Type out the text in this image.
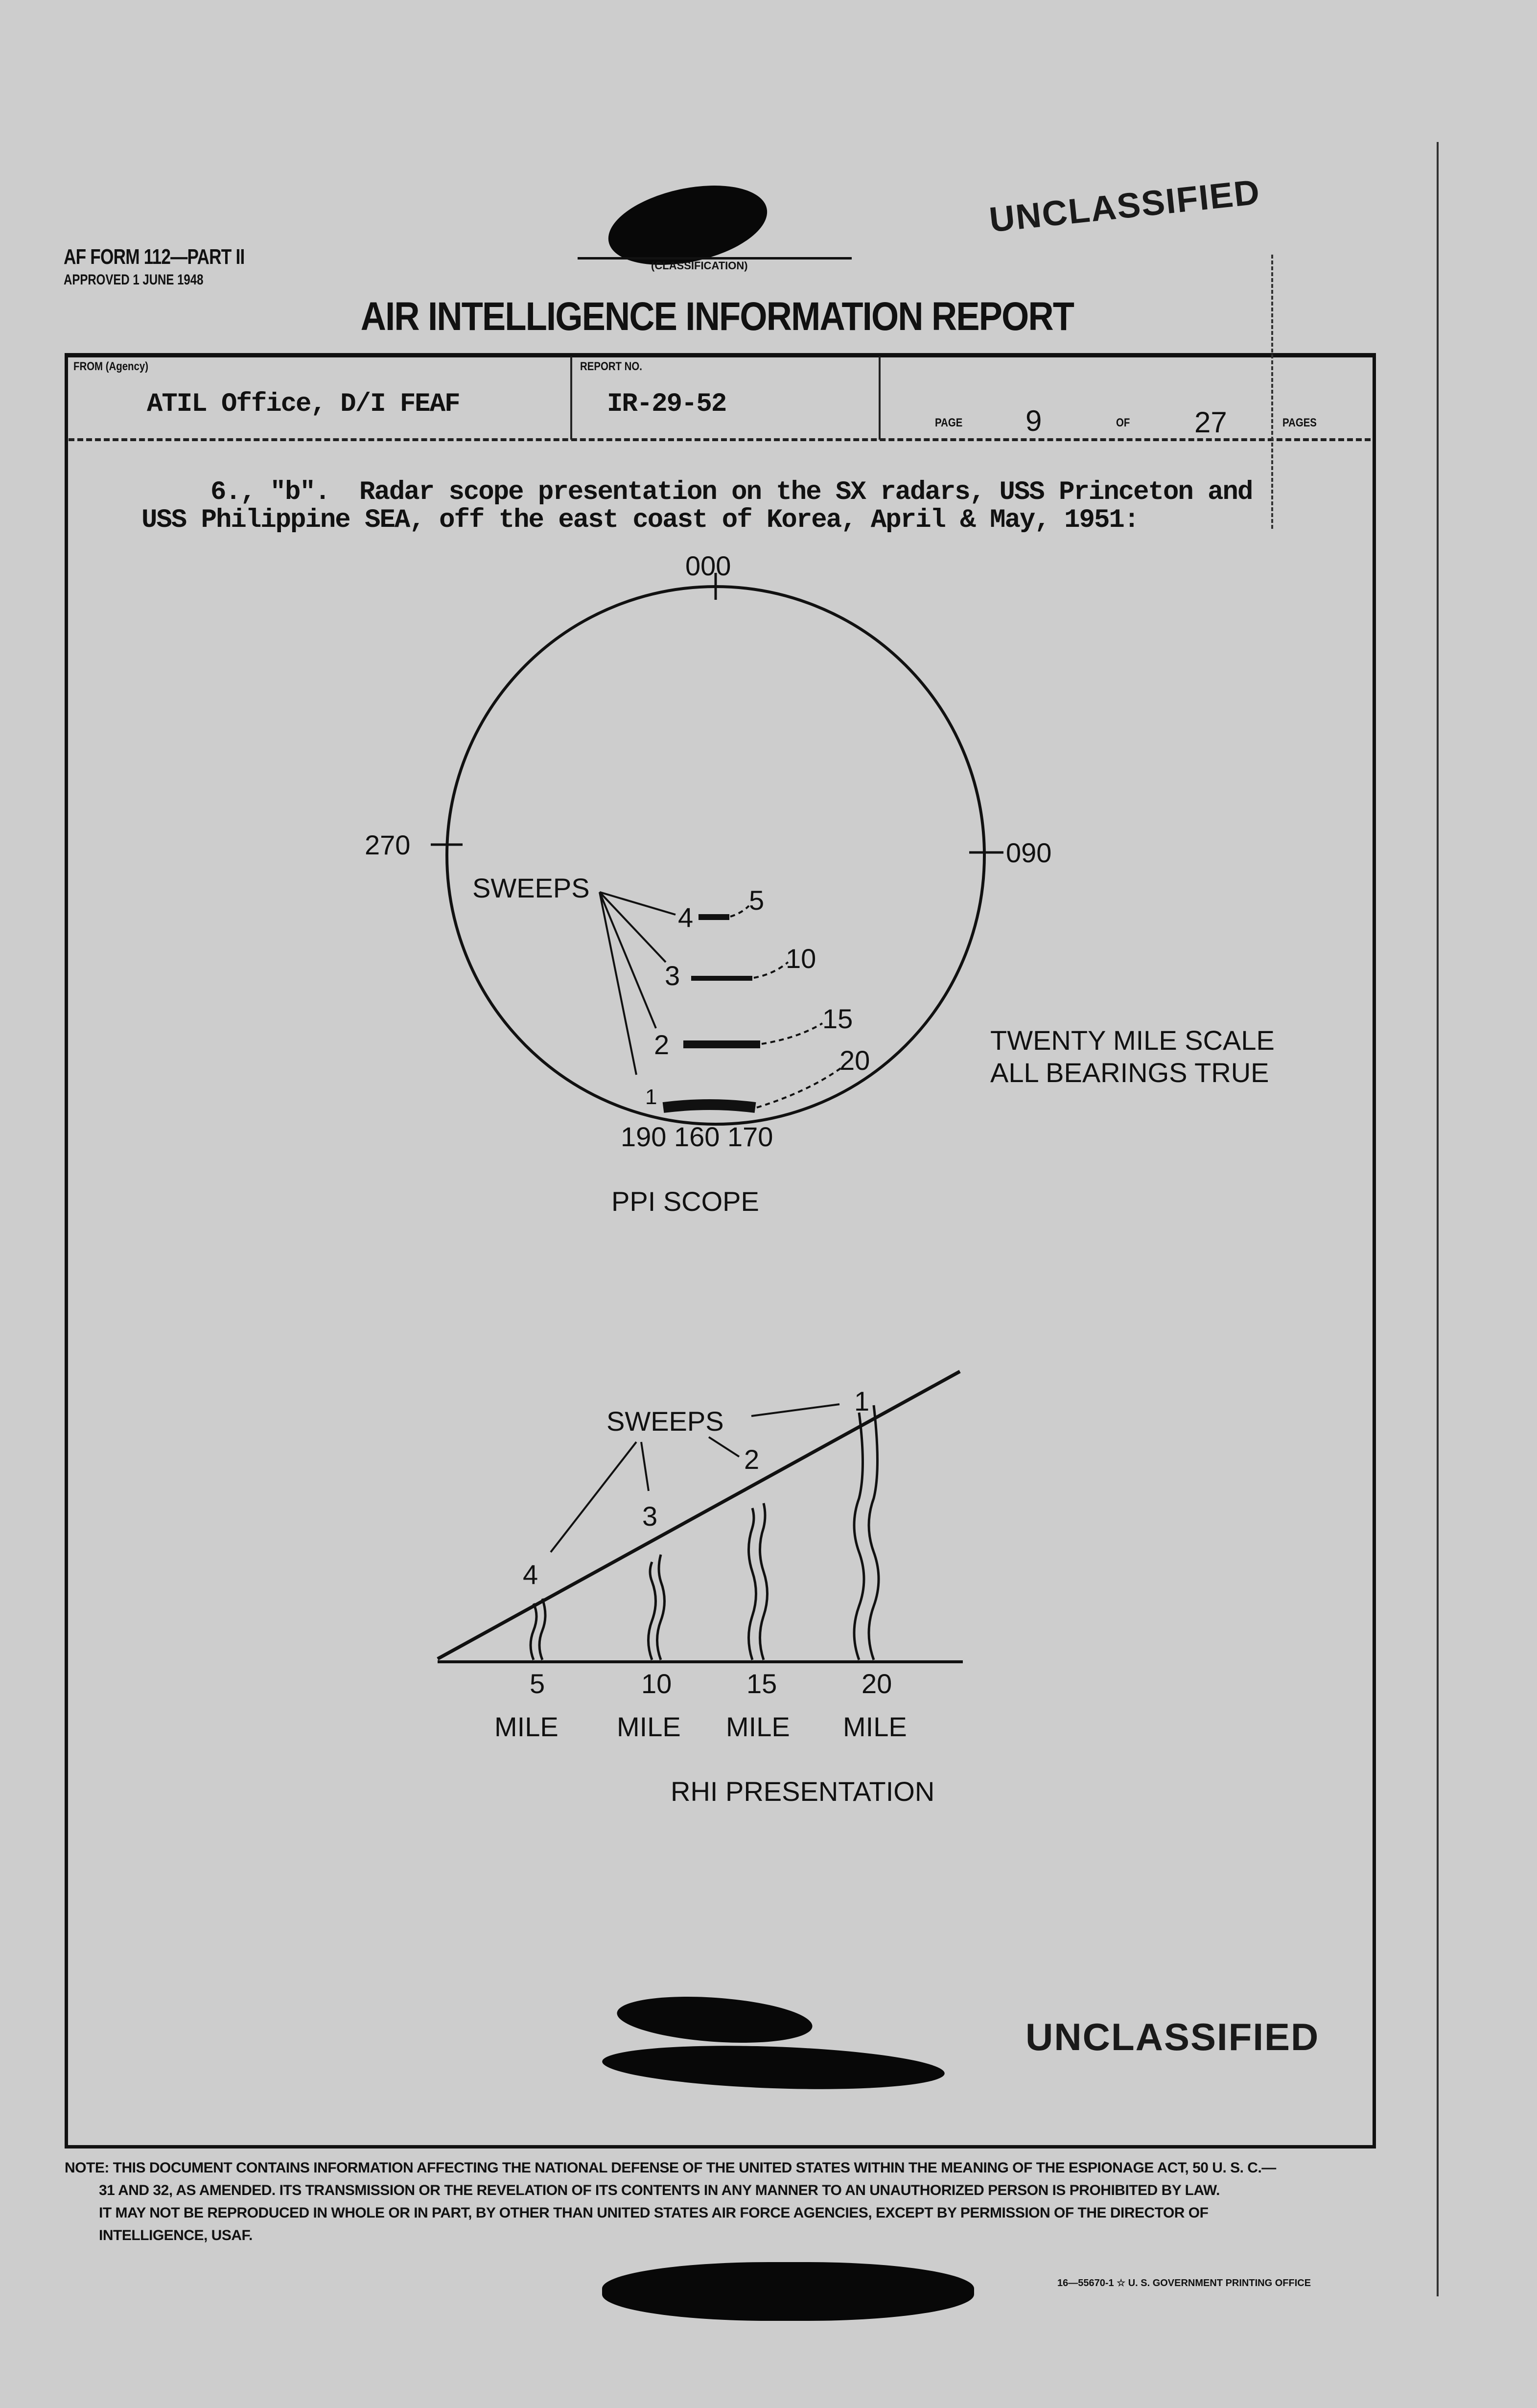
AF FORM 112—PART II
APPROVED 1 JUNE 1948
(CLASSIFICATION)
UNCLASSIFIED
AIR INTELLIGENCE INFORMATION REPORT
FROM (Agency)
ATIL Office, D/I FEAF
REPORT NO.
IR-29-52
PAGE 9	OF 27	PAGES
6., "b".  Radar scope presentation on the SX radars, USS Princeton and
USS Philippine SEA, off the east coast of Korea, April & May, 1951:
000
270	090
SWEEPS
4
5
3
10
2
15
1
20
190 160 170
PPI SCOPE
TWENTY MILE SCALE
ALL BEARINGS TRUE
SWEEPS
4
3
2
1
5	10	15	20
MILE MILE MILE MILE
RHI PRESENTATION
UNCLASSIFIED
NOTE: THIS DOCUMENT CONTAINS INFORMATION AFFECTING THE NATIONAL DEFENSE OF THE UNITED STATES WITHIN THE MEANING OF THE ESPIONAGE ACT, 50 U. S. C.—
31 AND 32, AS AMENDED. ITS TRANSMISSION OR THE REVELATION OF ITS CONTENTS IN ANY MANNER TO AN UNAUTHORIZED PERSON IS PROHIBITED BY LAW.
IT MAY NOT BE REPRODUCED IN WHOLE OR IN PART, BY OTHER THAN UNITED STATES AIR FORCE AGENCIES, EXCEPT BY PERMISSION OF THE DIRECTOR OF
INTELLIGENCE, USAF.
16—55670-1 ☆ U. S. GOVERNMENT PRINTING OFFICE
